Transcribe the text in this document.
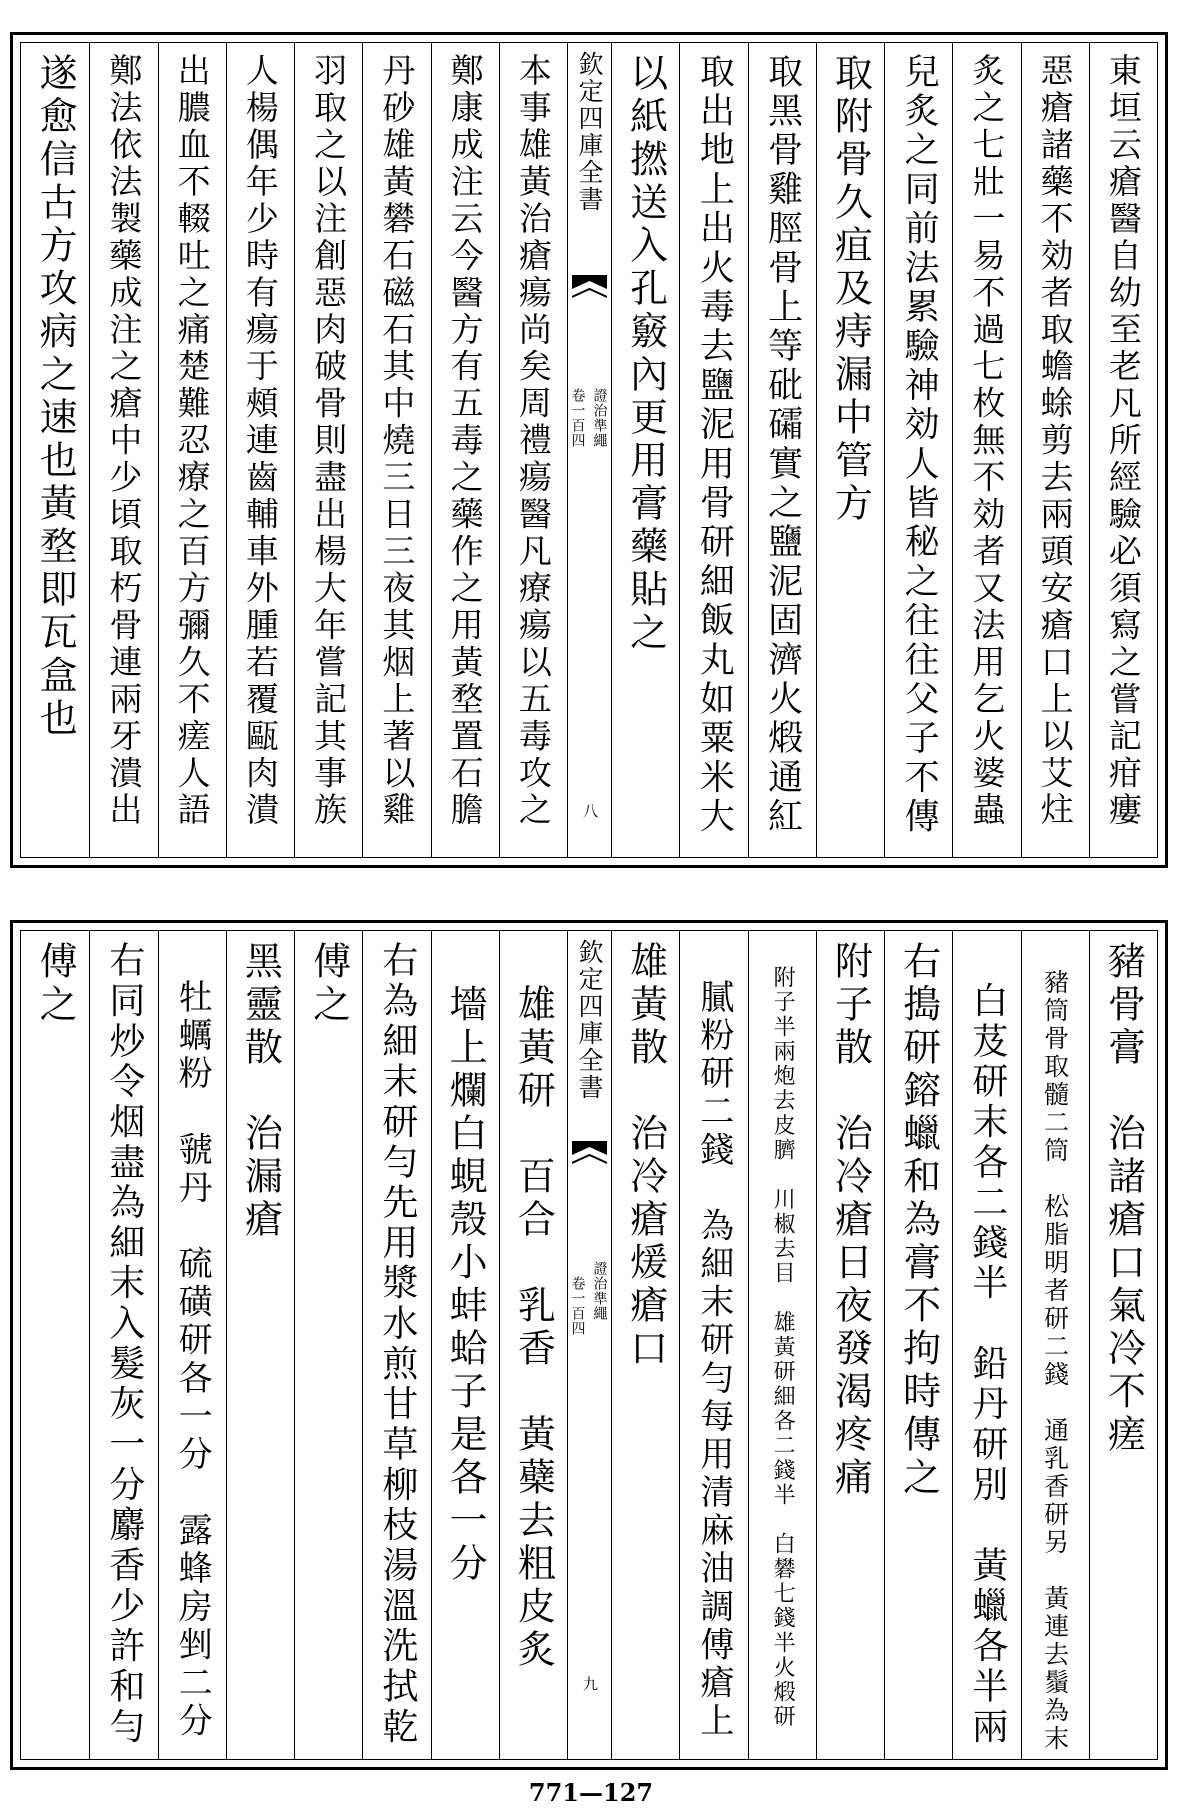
東垣云瘡醫自幼至老凡所經驗必須寫之嘗記疳瘻
惡瘡諸藥不効者取蟾蜍剪去兩頭安瘡口上以艾炷
炙之七壯一易不過七枚無不効者又法用乞火婆蟲
兒炙之同前法累驗神効人皆秘之往往父子不傳
取附骨久疽及痔漏中管方
取黑骨雞脛骨上等砒礵實之鹽泥固濟火煅通紅
取出地上出火毒去鹽泥用骨研細飯丸如粟米大
以紙撚送入孔竅內更用膏藥貼之
欽定四庫全書
證治準繩
卷一百四
八
本事雄黃治瘡瘍尚矣周禮瘍醫凡療瘍以五毒攻之
鄭康成注云今醫方有五毒之藥作之用黃堥置石膽
丹砂雄黃礬石磁石其中燒三日三夜其烟上著以雞
羽取之以注創惡肉破骨則盡出楊大年嘗記其事族
人楊偶年少時有瘍于頰連齒輔車外腫若覆甌肉潰
出膿血不輟吐之痛楚難忍療之百方彌久不瘥人語
鄭法依法製藥成注之瘡中少頃取朽骨連兩牙潰出
遂愈信古方攻病之速也黃堥即瓦盒也
豬骨膏　治諸瘡口氣冷不瘥
　豬筒骨取髓二筒　松脂明者研二錢　通乳香研另　黃連去鬚為末
　白芨研末各二錢半　鉛丹研別　黃蠟各半兩
右搗研鎔蠟和為膏不拘時傳之
附子散　治冷瘡日夜發渴疼痛
　附子半兩炮去皮臍　川椒去目　雄黃研細各二錢半　白礬七錢半火煅研
　膩粉研二錢　為細末研勻每用清麻油調傅瘡上
雄黃散　治冷瘡煖瘡口
欽定四庫全書
證治準繩
卷一百四
九
　雄黃研　百合　乳香　黃蘗去粗皮炙
　墻上爛白蜆殼小蚌蛤子是各一分
右為細末研勻先用漿水煎甘草柳枝湯溫洗拭乾
傅之
黑靈散　治漏瘡
　牡蠣粉　虢丹　硫磺研各一分　露蜂房剉二分
右同炒令烟盡為細末入髮灰一分麝香少許和勻
傅之
771—127
